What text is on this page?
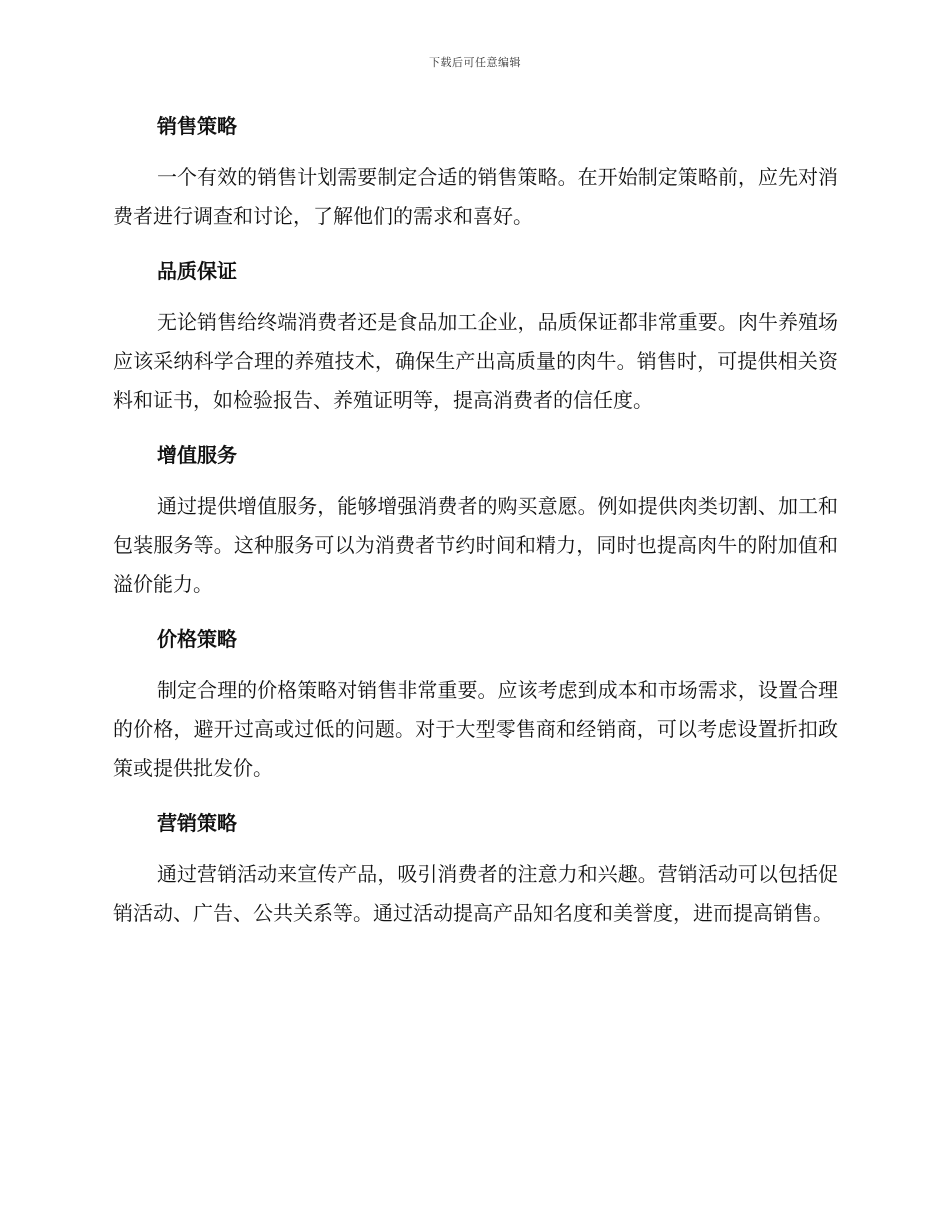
下载后可任意编辑
销售策略

一个有效的销售计划需要制定合适的销售策略。在开始制定策略前，应先对消费者进行调查和讨论，了解他们的需求和喜好。

品质保证

无论销售给终端消费者还是食品加工企业，品质保证都非常重要。肉牛养殖场应该采纳科学合理的养殖技术，确保生产出高质量的肉牛。销售时，可提供相关资料和证书，如检验报告、养殖证明等，提高消费者的信任度。

增值服务

通过提供增值服务，能够增强消费者的购买意愿。例如提供肉类切割、加工和包装服务等。这种服务可以为消费者节约时间和精力，同时也提高肉牛的附加值和溢价能力。

价格策略

制定合理的价格策略对销售非常重要。应该考虑到成本和市场需求，设置合理的价格，避开过高或过低的问题。对于大型零售商和经销商，可以考虑设置折扣政策或提供批发价。

营销策略

通过营销活动来宣传产品，吸引消费者的注意力和兴趣。营销活动可以包括促销活动、广告、公共关系等。通过活动提高产品知名度和美誉度，进而提高销售。
